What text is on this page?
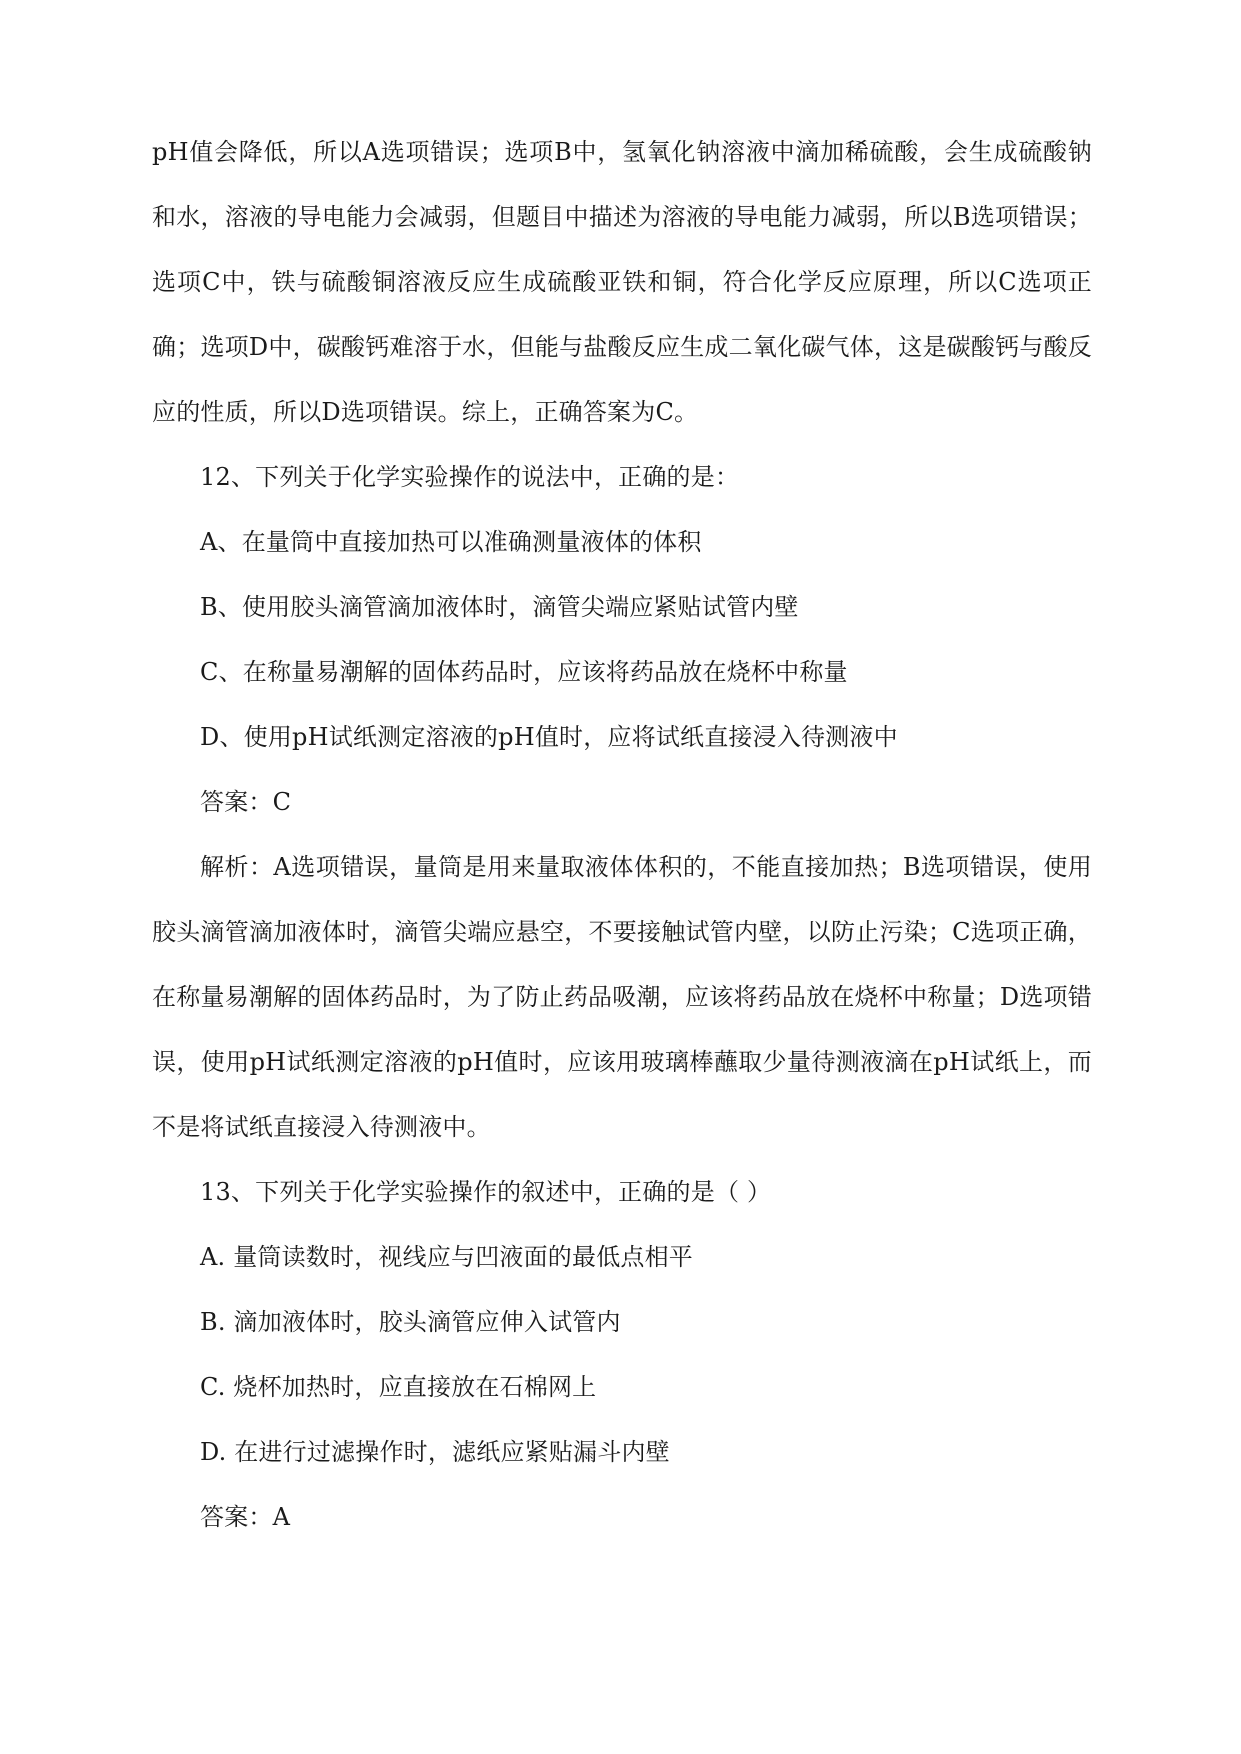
pH值会降低，所以A选项错误；选项B中，氢氧化钠溶液中滴加稀硫酸，会生成硫酸钠和水，溶液的导电能力会减弱，但题目中描述为溶液的导电能力减弱，所以B选项错误；选项C中，铁与硫酸铜溶液反应生成硫酸亚铁和铜，符合化学反应原理，所以C选项正确；选项D中，碳酸钙难溶于水，但能与盐酸反应生成二氧化碳气体，这是碳酸钙与酸反应的性质，所以D选项错误。综上，正确答案为C。

12、下列关于化学实验操作的说法中，正确的是：

A、在量筒中直接加热可以准确测量液体的体积

B、使用胶头滴管滴加液体时，滴管尖端应紧贴试管内壁

C、在称量易潮解的固体药品时，应该将药品放在烧杯中称量

D、使用pH试纸测定溶液的pH值时，应将试纸直接浸入待测液中

答案：C

解析：A选项错误，量筒是用来量取液体体积的，不能直接加热；B选项错误，使用胶头滴管滴加液体时，滴管尖端应悬空，不要接触试管内壁，以防止污染；C选项正确，在称量易潮解的固体药品时，为了防止药品吸潮，应该将药品放在烧杯中称量；D选项错误，使用pH试纸测定溶液的pH值时，应该用玻璃棒蘸取少量待测液滴在pH试纸上，而不是将试纸直接浸入待测液中。

13、下列关于化学实验操作的叙述中，正确的是（ ）

A. 量筒读数时，视线应与凹液面的最低点相平

B. 滴加液体时，胶头滴管应伸入试管内

C. 烧杯加热时，应直接放在石棉网上

D. 在进行过滤操作时，滤纸应紧贴漏斗内壁

答案：A
